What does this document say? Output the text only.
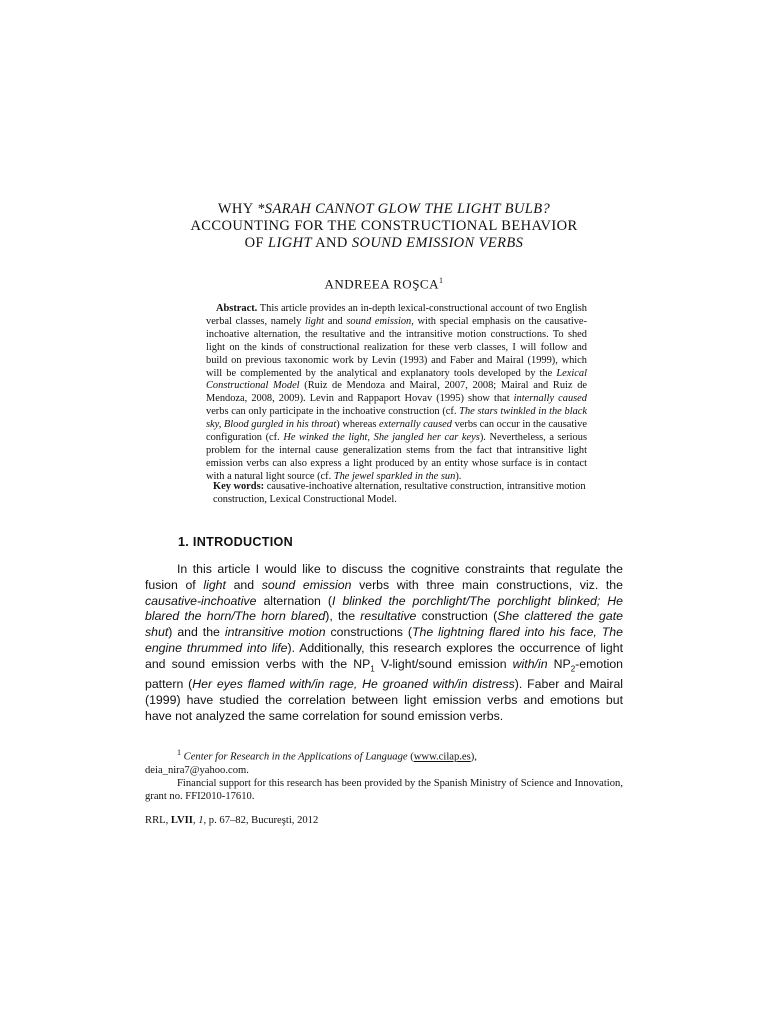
WHY *SARAH CANNOT GLOW THE LIGHT BULB?

ACCOUNTING FOR THE CONSTRUCTIONAL BEHAVIOR

OF LIGHT AND SOUND EMISSION VERBS

ANDREEA ROŞCA$^1$
Abstract. This article provides an in-depth lexical-constructional account of two English verbal classes, namely light and sound emission, with special emphasis on the causative-inchoative alternation, the resultative and the intransitive motion constructions. To shed light on the kinds of constructional realization for these verb classes, I will follow and build on previous taxonomic work by Levin (1993) and Faber and Mairal (1999), which will be complemented by the analytical and explanatory tools developed by the Lexical Constructional Model (Ruiz de Mendoza and Mairal, 2007, 2008; Mairal and Ruiz de Mendoza, 2008, 2009). Levin and Rappaport Hovav (1995) show that internally caused verbs can only participate in the inchoative construction (cf. The stars twinkled in the black sky, Blood gurgled in his throat) whereas externally caused verbs can occur in the causative configuration (cf. He winked the light, She jangled her car keys). Nevertheless, a serious problem for the internal cause generalization stems from the fact that intransitive light emission verbs can also express a light produced by an entity whose surface is in contact with a natural light source (cf. The jewel sparkled in the sun).
Key words: causative-inchoative alternation, resultative construction, intransitive motion construction, Lexical Constructional Model.
1. INTRODUCTION
In this article I would like to discuss the cognitive constraints that regulate the fusion of light and sound emission verbs with three main constructions, viz. the causative-inchoative alternation (I blinked the porchlight/The porchlight blinked; He blared the horn/The horn blared), the resultative construction (She clattered the gate shut) and the intransitive motion constructions (The lightning flared into his face, The engine thrummed into life). Additionally, this research explores the occurrence of light and sound emission verbs with the $NP_1$ V-light/sound emission with/in $NP_2$-emotion pattern (Her eyes flamed with/in rage, He groaned with/in distress). Faber and Mairal (1999) have studied the correlation between light emission verbs and emotions but have not analyzed the same correlation for sound emission verbs.

$^1$ Center for Research in the Applications of Language (www.cilap.es),

deia_nira7@yahoo.com.

Financial support for this research has been provided by the Spanish Ministry of Science and Innovation, grant no. FFI2010-17610.

RRL, LVII, 1, p. 67–82, Bucureşti, 2012
